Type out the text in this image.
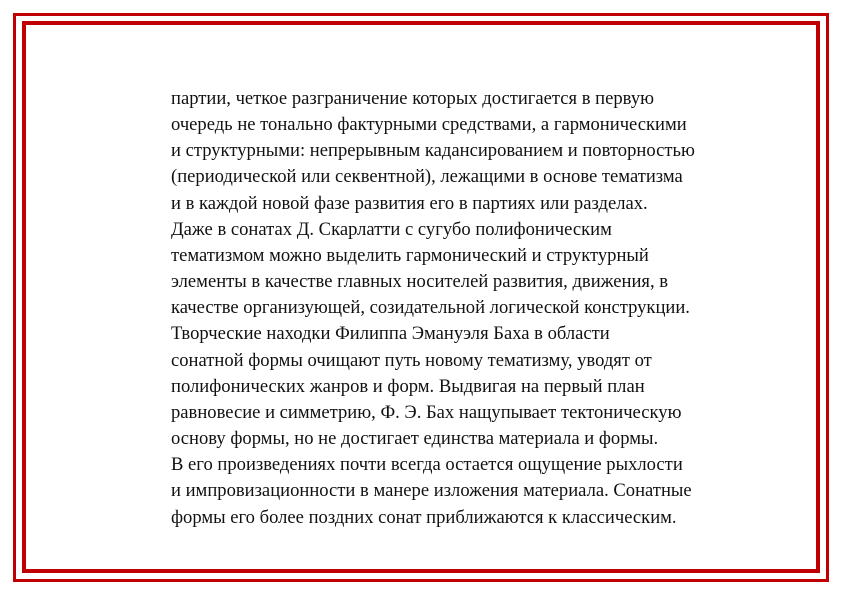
партии, четкое разграничение которых достигается в первую
очередь не тонально фактурными средствами, а гармоническими
и структурными: непрерывным кадансированием и повторностью
(периодической или секвентной), лежащими в основе тематизма
и в каждой новой фазе развития его в партиях или разделах.
Даже в сонатах Д. Скарлатти с сугубо полифоническим
тематизмом можно выделить гармонический и структурный
элементы в качестве главных носителей развития, движения, в
качестве организующей, созидательной логической конструкции.
Творческие находки Филиппа Эмануэля Баха в области
сонатной формы очищают путь новому тематизму, уводят от
полифонических жанров и форм. Выдвигая на первый план
равновесие и симметрию, Ф. Э. Бах нащупывает тектоническую
основу формы, но не достигает единства материала и формы.
В его произведениях почти всегда остается ощущение рыхлости
и импровизационности в манере изложения материала. Сонатные
формы его более поздних сонат приближаются к классическим.
